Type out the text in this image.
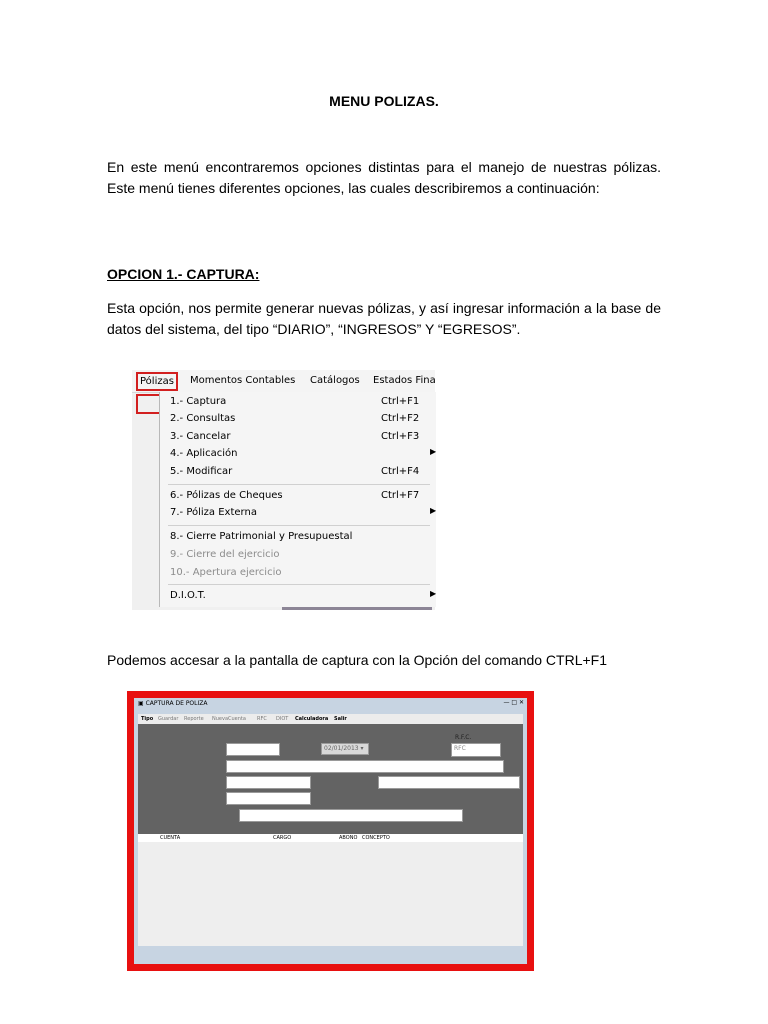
MENU POLIZAS.

En este menú encontraremos opciones distintas para el manejo de nuestras pólizas. Este menú tienes diferentes opciones, las cuales describiremos a continuación:

OPCION 1.- CAPTURA:

Esta opción, nos permite generar nuevas pólizas, y así ingresar información a la base de datos del sistema, del tipo “DIARIO”, “INGRESOS” Y “EGRESOS”.

Pólizas	Momentos Contables Catálogos Estados Fina
1.- Captura	Ctrl+F1
2.- Consultas	Ctrl+F2
3.- Cancelar	Ctrl+F3
4.- Aplicación	▶
5.- Modificar	Ctrl+F4
6.- Pólizas de Cheques	Ctrl+F7
7.- Póliza Externa	▶
8.- Cierre Patrimonial y Presupuestal
9.- Cierre del ejercicio
10.- Apertura ejercicio
D.I.O.T.	▶
Podemos accesar a la pantalla de captura con la Opción del comando CTRL+F1
▣ CAPTURA DE POLIZA	— □ ✕
Tipo Guardar Reporte NuevaCuenta RFC DIOT Calculadora Salir
02/01/2013 ▾
R.F.C.
RFC
CUENTA	CARGO	ABONO CONCEPTO
